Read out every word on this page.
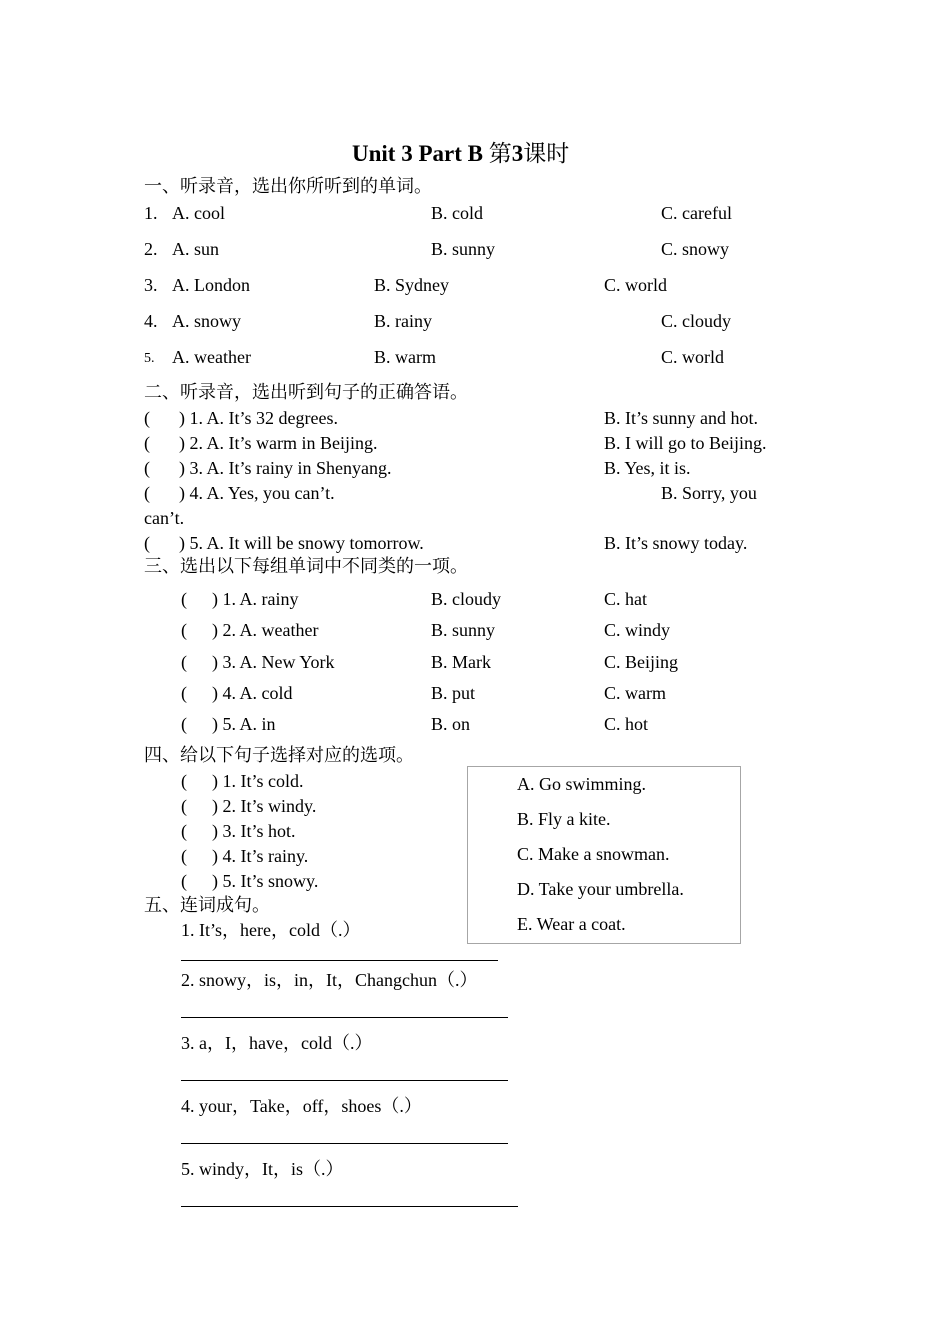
Unit 3 Part B 第3课时
一、听录音，选出你所听到的单词。
1. A. cool	B. cold	C. careful
2. A. sun	B. sunny	C. snowy
3. A. London	B. Sydney	C. world
4. A. snowy	B. rainy	C. cloudy
5. A. weather	B. warm	C. world
二、听录音，选出听到句子的正确答语。
( ) 1. A. It’s 32 degrees.	B. It’s sunny and hot.
( ) 2. A. It’s warm in Beijing.	B. I will go to Beijing.
( ) 3. A. It’s rainy in Shenyang.	B. Yes, it is.
( ) 4. A. Yes, you can’t.	B. Sorry, you
can’t.
( ) 5. A. It will be snowy tomorrow.	B. It’s snowy today.
三、选出以下每组单词中不同类的一项。
( ) 1. A. rainy	B. cloudy	C. hat
( ) 2. A. weather	B. sunny	C. windy
( ) 3. A. New York	B. Mark	C. Beijing
( ) 4. A. cold	B. put	C. warm
( ) 5. A. in	B. on	C. hot
四、给以下句子选择对应的选项。
( ) 1. It’s cold.
( ) 2. It’s windy.
( ) 3. It’s hot.
( ) 4. It’s rainy.
( ) 5. It’s snowy.
A. Go swimming.
B. Fly a kite.
C. Make a snowman.
D. Take your umbrella.
E. Wear a coat.
五、连词成句。
1. It’s，here，cold（.）
2. snowy，is，in，It，Changchun（.）
3. a，I，have，cold（.）
4. your，Take，off，shoes（.）
5. windy，It，is（.）
